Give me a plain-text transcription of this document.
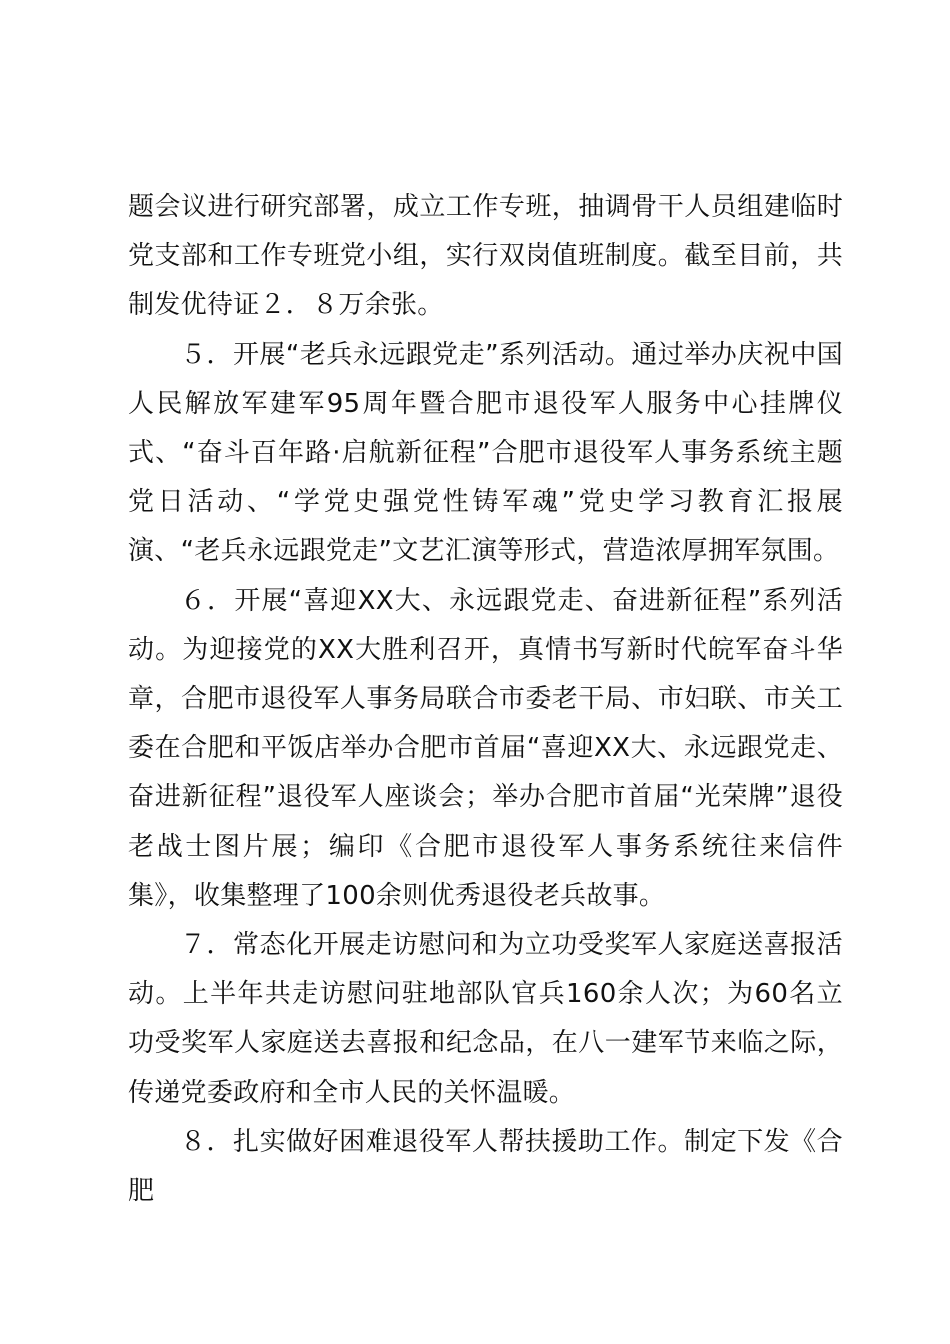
题会议进行研究部署，成立工作专班，抽调骨干人员组建临时党支部和工作专班党小组，实行双岗值班制度。截至目前，共制发优待证２．８万余张。

５．开展“老兵永远跟党走”系列活动。通过举办庆祝中国人民解放军建军95周年暨合肥市退役军人服务中心挂牌仪式、“奋斗百年路·启航新征程”合肥市退役军人事务系统主题党日活动、“学党史强党性铸军魂”党史学习教育汇报展演、“老兵永远跟党走”文艺汇演等形式，营造浓厚拥军氛围。

６．开展“喜迎XX大、永远跟党走、奋进新征程”系列活动。为迎接党的XX大胜利召开，真情书写新时代皖军奋斗华章，合肥市退役军人事务局联合市委老干局、市妇联、市关工委在合肥和平饭店举办合肥市首届“喜迎XX大、永远跟党走、奋进新征程”退役军人座谈会；举办合肥市首届“光荣牌”退役老战士图片展；编印《合肥市退役军人事务系统往来信件集》，收集整理了100余则优秀退役老兵故事。

７．常态化开展走访慰问和为立功受奖军人家庭送喜报活动。上半年共走访慰问驻地部队官兵160余人次；为60名立功受奖军人家庭送去喜报和纪念品，在八一建军节来临之际，传递党委政府和全市人民的关怀温暖。

８．扎实做好困难退役军人帮扶援助工作。制定下发《合肥
